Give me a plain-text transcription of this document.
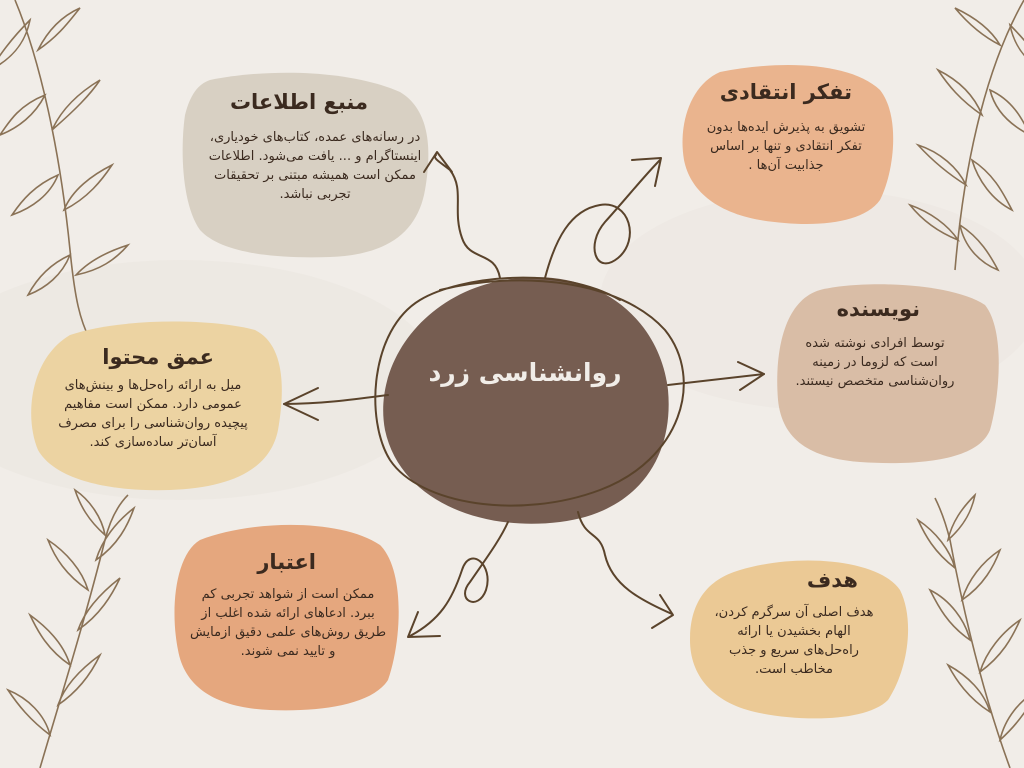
روانشناسی زرد
منبع اطلاعات
در رسانه‌های عمده، کتاب‌های خودیاری، اینستاگرام و ... یافت می‌شود. اطلاعات ممکن است همیشه مبتنی بر تحقیقات تجربی نباشد.
تفکر انتقادی
تشویق به پذیرش ایده‌ها بدون تفکر انتقادی و تنها بر اساس جذابیت آن‌ها .
نویسنده
توسط افرادی نوشته شده است که لزوما در زمینه روان‌شناسی متخصص نیستند.
عمق محتوا
میل به ارائه راه‌حل‌ها و بینش‌های عمومی دارد. ممکن است مفاهیم پیچیده روان‌شناسی را برای مصرف آسان‌تر ساده‌سازی کند.
اعتبار
ممکن است از شواهد تجربی کم ببرد. ادعاهای ارائه شده اغلب از طریق روش‌های علمی دقیق ازمایش و تایید نمی شوند.
هدف
هدف اصلی آن سرگرم کردن، الهام بخشیدن یا ارائه راه‌حل‌های سریع و جذب مخاطب است.
